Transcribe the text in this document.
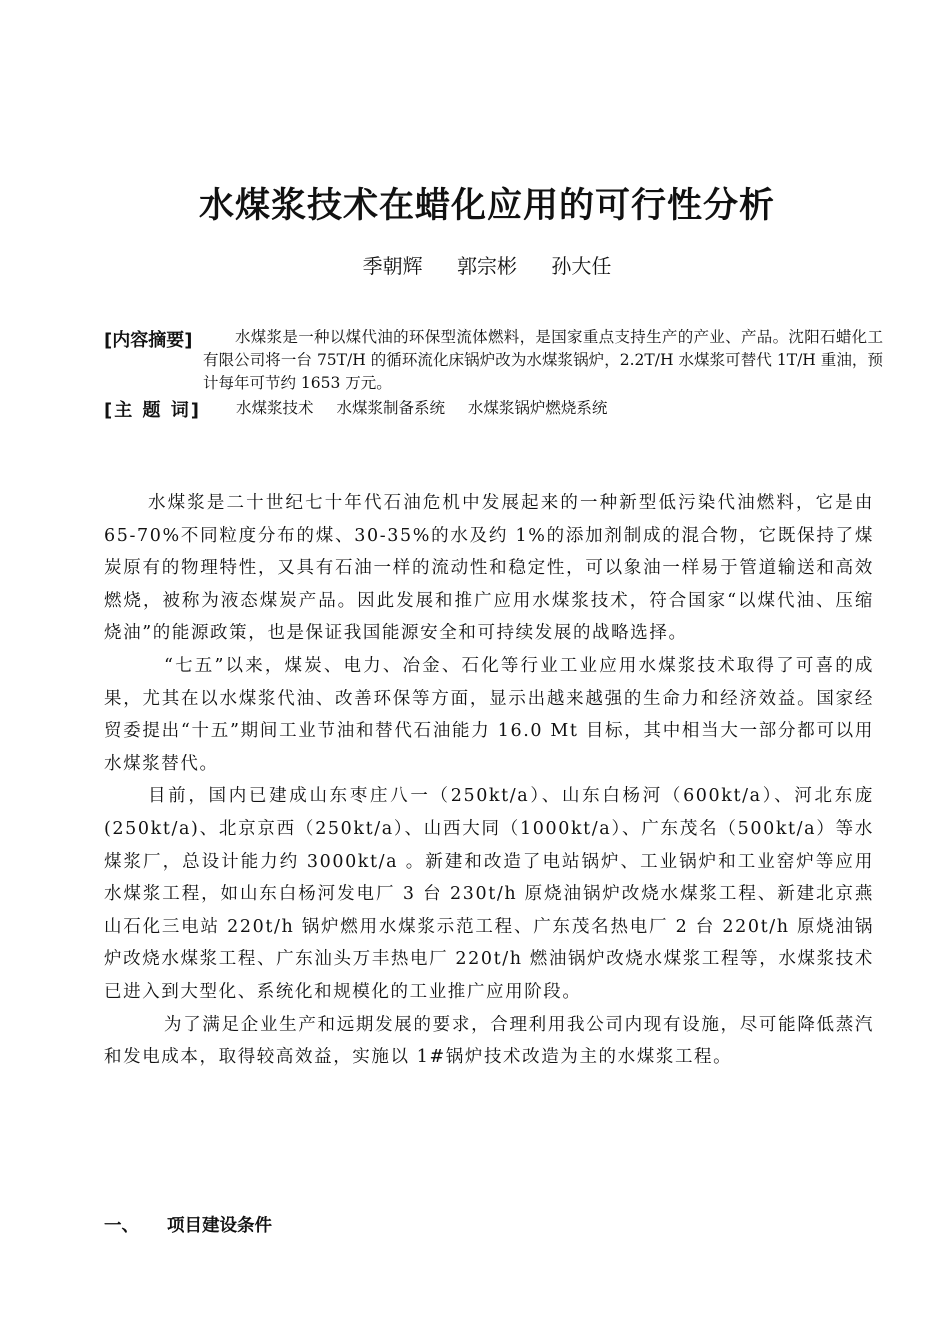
水煤浆技术在蜡化应用的可行性分析
季朝辉 郭宗彬 孙大任
[内容摘要]	水煤浆是一种以煤代油的环保型流体燃料，是国家重点支持生产的产业、产品。沈阳石蜡化工有限公司将一台 75T/H 的循环流化床锅炉改为水煤浆锅炉，2.2T/H 水煤浆可替代 1T/H 重油，预计每年可节约 1653 万元。
[主 题 词] 水煤浆技术 水煤浆制备系统 水煤浆锅炉燃烧系统

水煤浆是二十世纪七十年代石油危机中发展起来的一种新型低污染代油燃料，它是由 65-70%不同粒度分布的煤、30-35%的水及约 1%的添加剂制成的混合物，它既保持了煤炭原有的物理特性，又具有石油一样的流动性和稳定性，可以象油一样易于管道输送和高效燃烧，被称为液态煤炭产品。因此发展和推广应用水煤浆技术，符合国家“以煤代油、压缩烧油”的能源政策，也是保证我国能源安全和可持续发展的战略选择。

“七五”以来，煤炭、电力、冶金、石化等行业工业应用水煤浆技术取得了可喜的成果，尤其在以水煤浆代油、改善环保等方面，显示出越来越强的生命力和经济效益。国家经贸委提出“十五”期间工业节油和替代石油能力 16.0 Mt 目标，其中相当大一部分都可以用水煤浆替代。

目前，国内已建成山东枣庄八一（250kt/a）、山东白杨河（600kt/a）、河北东庞(250kt/a)、北京京西（250kt/a）、山西大同（1000kt/a）、广东茂名（500kt/a）等水煤浆厂，总设计能力约 3000kt/a 。新建和改造了电站锅炉、工业锅炉和工业窑炉等应用水煤浆工程，如山东白杨河发电厂 3 台 230t/h 原烧油锅炉改烧水煤浆工程、新建北京燕山石化三电站 220t/h 锅炉燃用水煤浆示范工程、广东茂名热电厂 2 台 220t/h 原烧油锅炉改烧水煤浆工程、广东汕头万丰热电厂 220t/h 燃油锅炉改烧水煤浆工程等，水煤浆技术已进入到大型化、系统化和规模化的工业推广应用阶段。

为了满足企业生产和远期发展的要求，合理利用我公司内现有设施，尽可能降低蒸汽和发电成本，取得较高效益，实施以 1#锅炉技术改造为主的水煤浆工程。

一、 项目建设条件
